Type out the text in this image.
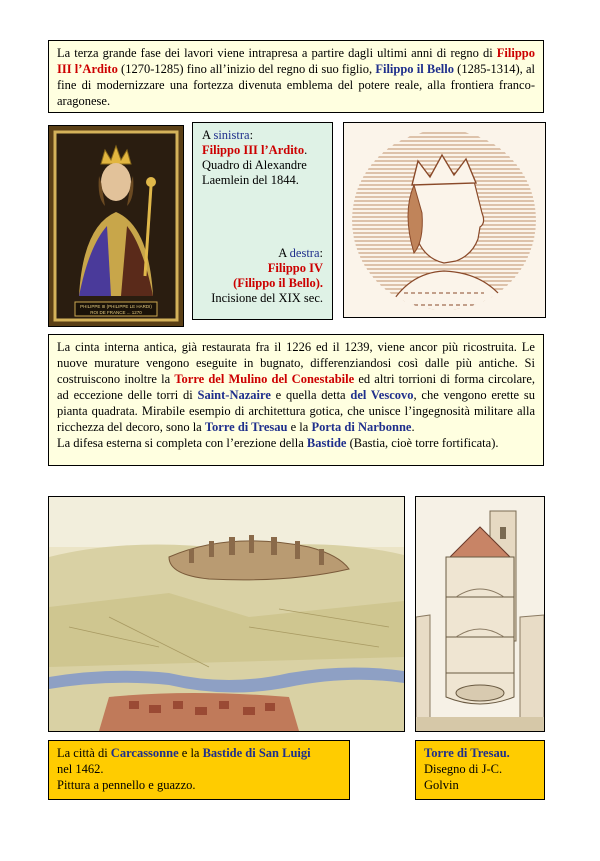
La terza grande fase dei lavori viene intrapresa a partire dagli ultimi anni di regno di Filippo III l’Ardito (1270-1285) fino all’inizio del regno di suo figlio, Filippo il Bello (1285-1314), al fine di modernizzare una fortezza divenuta emblema del potere reale, alla frontiera franco-aragonese.
PHILIPPE III (PHILIPPE LE HARDI)
ROI DE FRANCE ... 1270
A sinistra:
Filippo III l’Ardito.
Quadro di Alexandre
Laemlein del 1844.
A destra:
Filippo IV
(Filippo il Bello).
Incisione del XIX sec.
La cinta interna antica, già restaurata fra il 1226 ed il 1239, viene ancor più ricostruita. Le nuove murature vengono eseguite in bugnato, differenziandosi così dalle più antiche. Si costruiscono inoltre la Torre del Mulino del Conestabile ed altri torrioni di forma circolare, ad eccezione delle torri di Saint-Nazaire e quella detta del Vescovo, che vengono erette su pianta quadrata. Mirabile esempio di architettura gotica, che unisce l’ingegnosità militare alla ricchezza del decoro, sono la Torre di Tresau e la Porta di Narbonne.
La difesa esterna si completa con l’erezione della Bastide (Bastia, cioè torre fortificata).
La città di Carcassonne e la Bastide di San Luigi
nel 1462.
Pittura a pennello e guazzo.
Torre di Tresau.
Disegno di J-C.
Golvin
